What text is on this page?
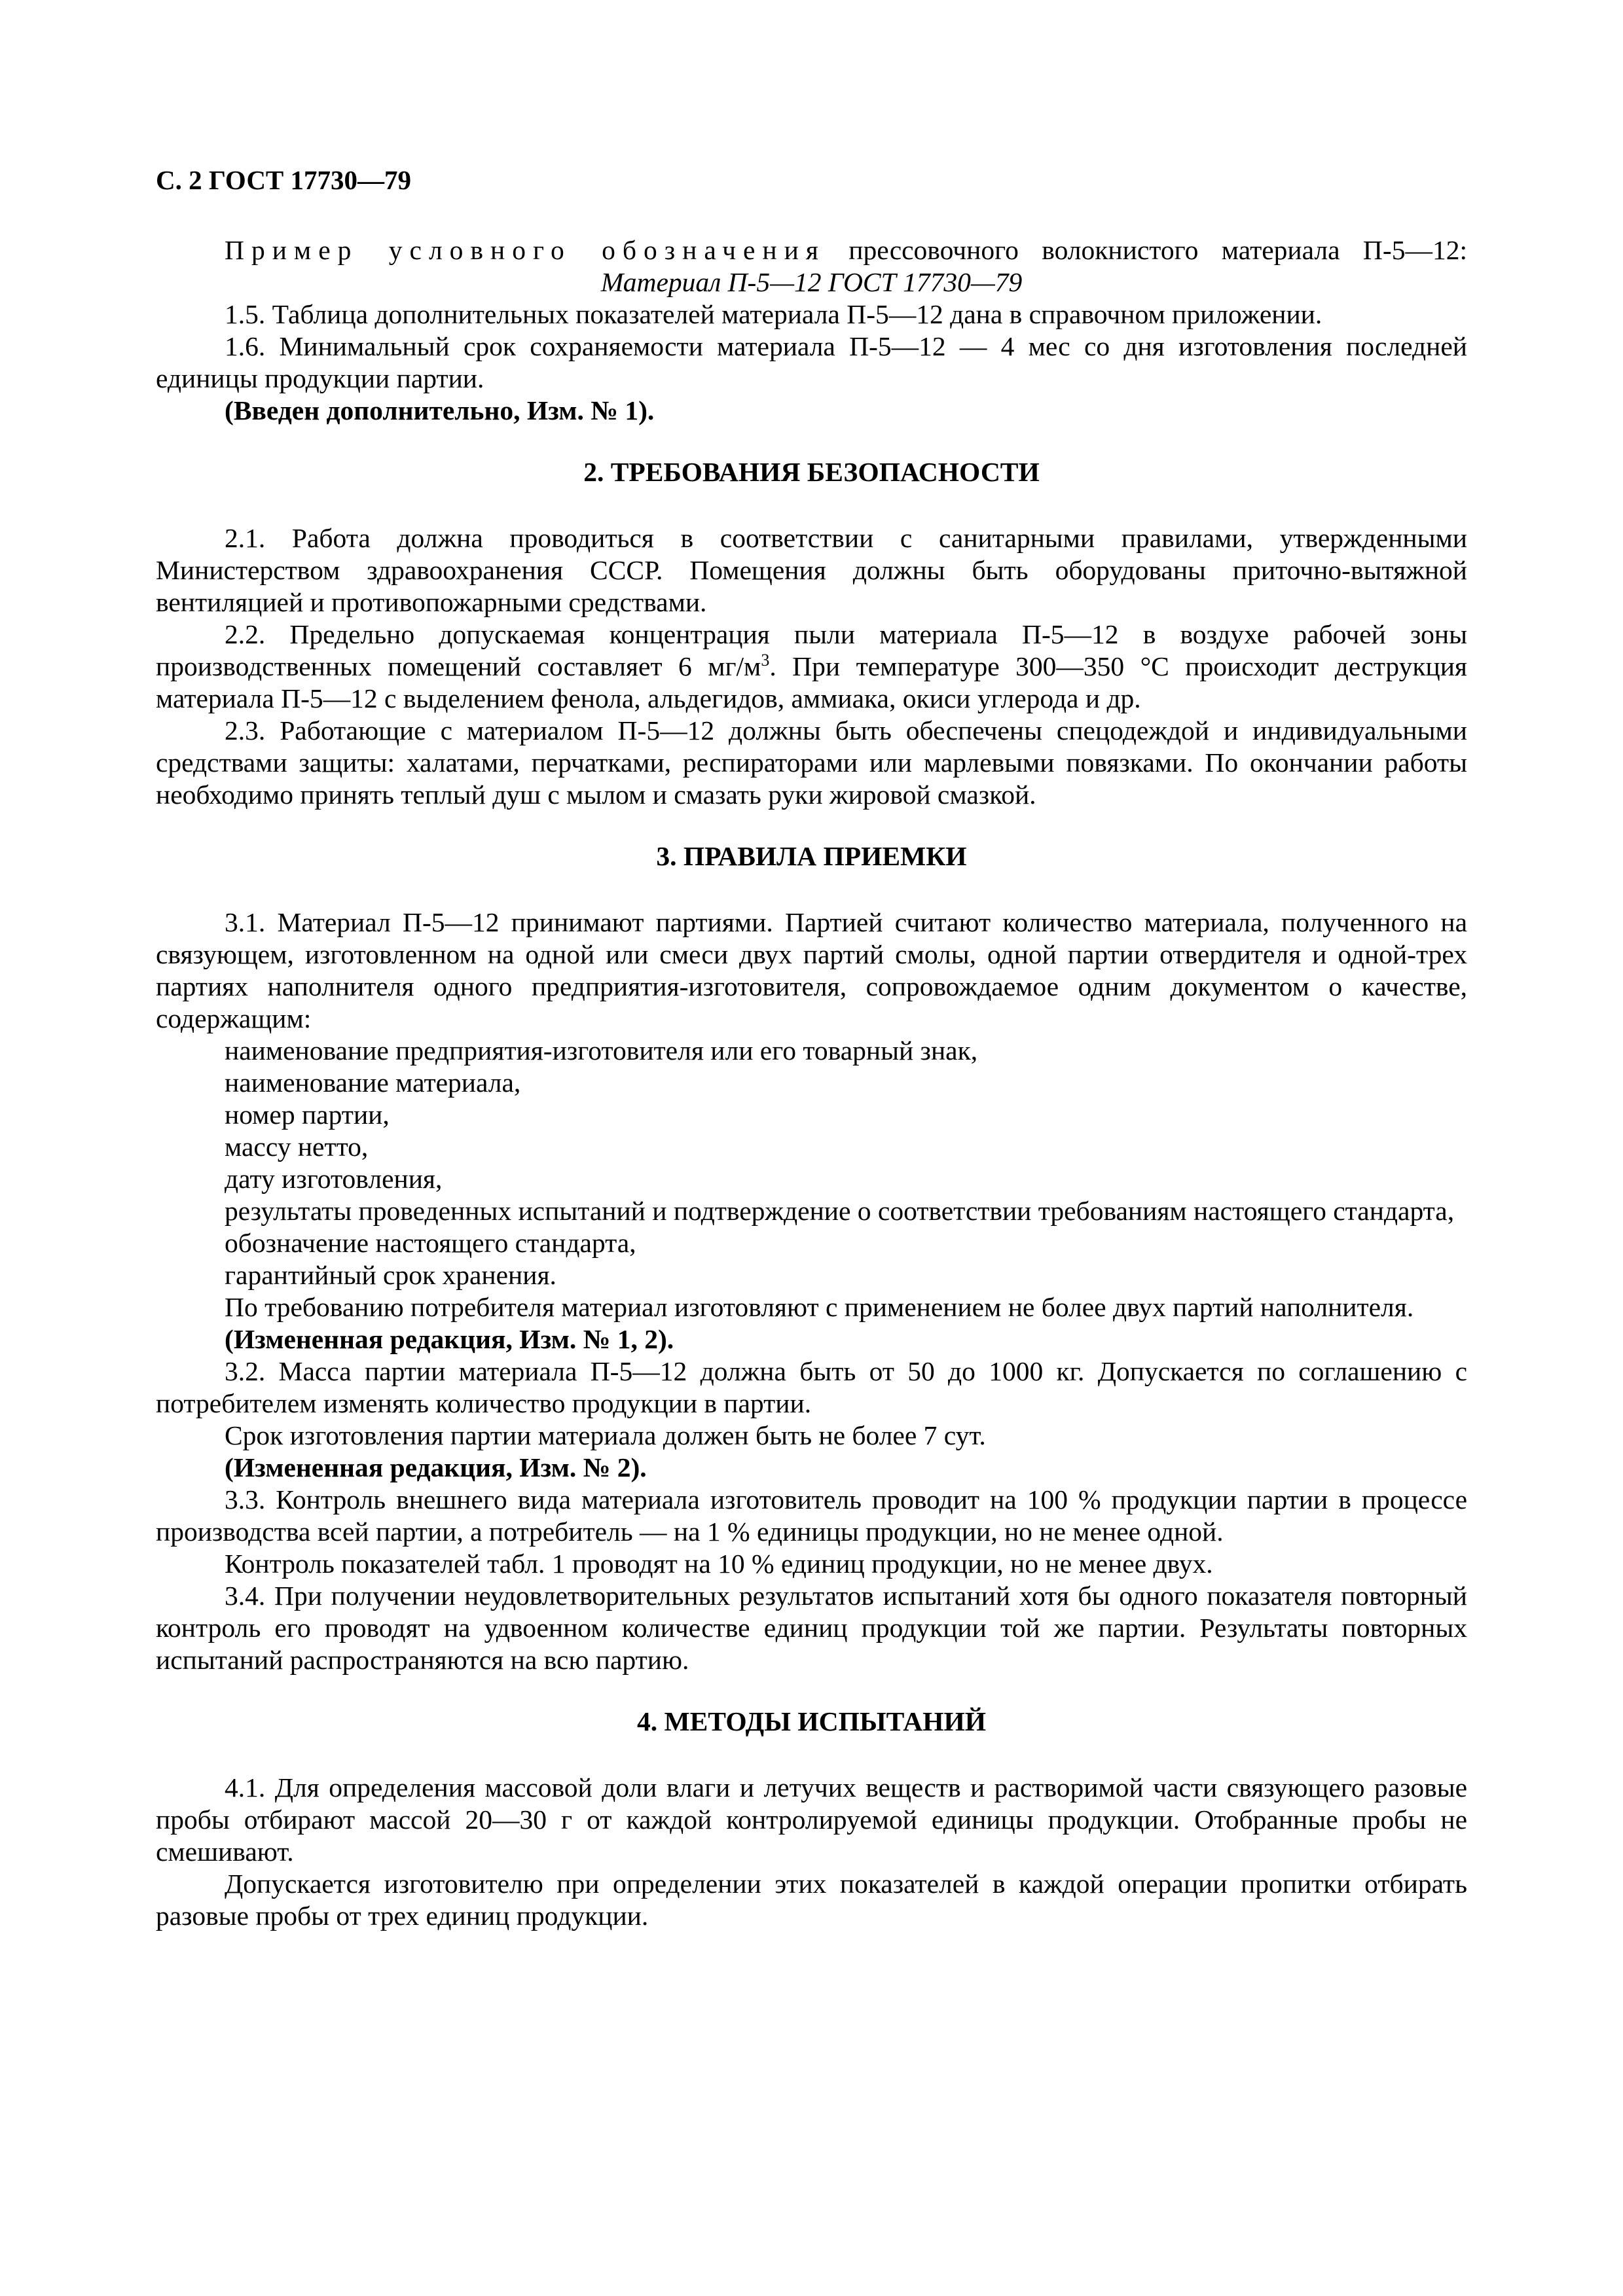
С. 2 ГОСТ 17730—79

Пример условного обозначения прессовочного волокнистого материала П-5—12:

Материал П-5—12 ГОСТ 17730—79

1.5. Таблица дополнительных показателей материала П-5—12 дана в справочном приложении.

1.6. Минимальный срок сохраняемости материала П-5—12 — 4 мес со дня изготовления последней единицы продукции партии.

(Введен дополнительно, Изм. № 1).

2. ТРЕБОВАНИЯ БЕЗОПАСНОСТИ

2.1. Работа должна проводиться в соответствии с санитарными правилами, утвержденными Министерством здравоохранения СССР. Помещения должны быть оборудованы приточно-вытяжной вентиляцией и противопожарными средствами.

2.2. Предельно допускаемая концентрация пыли материала П-5—12 в воздухе рабочей зоны производственных помещений составляет 6 $мг/м^3$. При температуре 300—350 °С происходит деструкция материала П-5—12 с выделением фенола, альдегидов, аммиака, окиси углерода и др.

2.3. Работающие с материалом П-5—12 должны быть обеспечены спецодеждой и индивидуальными средствами защиты: халатами, перчатками, респираторами или марлевыми повязками. По окончании работы необходимо принять теплый душ с мылом и смазать руки жировой смазкой.

3. ПРАВИЛА ПРИЕМКИ

3.1. Материал П-5—12 принимают партиями. Партией считают количество материала, полученного на связующем, изготовленном на одной или смеси двух партий смолы, одной партии отвердителя и одной-трех партиях наполнителя одного предприятия-изготовителя, сопровождаемое одним документом о качестве, содержащим:

наименование предприятия-изготовителя или его товарный знак,

наименование материала,

номер партии,

массу нетто,

дату изготовления,

результаты проведенных испытаний и подтверждение о соответствии требованиям настоящего стандарта,

обозначение настоящего стандарта,

гарантийный срок хранения.

По требованию потребителя материал изготовляют с применением не более двух партий наполнителя.

(Измененная редакция, Изм. № 1, 2).

3.2. Масса партии материала П-5—12 должна быть от 50 до 1000 кг. Допускается по соглашению с потребителем изменять количество продукции в партии.

Срок изготовления партии материала должен быть не более 7 сут.

(Измененная редакция, Изм. № 2).

3.3. Контроль внешнего вида материала изготовитель проводит на 100 % продукции партии в процессе производства всей партии, а потребитель — на 1 % единицы продукции, но не менее одной.

Контроль показателей табл. 1 проводят на 10 % единиц продукции, но не менее двух.

3.4. При получении неудовлетворительных результатов испытаний хотя бы одного показателя повторный контроль его проводят на удвоенном количестве единиц продукции той же партии. Результаты повторных испытаний распространяются на всю партию.

4. МЕТОДЫ ИСПЫТАНИЙ

4.1. Для определения массовой доли влаги и летучих веществ и растворимой части связующего разовые пробы отбирают массой 20—30 г от каждой контролируемой единицы продукции. Отобранные пробы не смешивают.

Допускается изготовителю при определении этих показателей в каждой операции пропитки отбирать разовые пробы от трех единиц продукции.
